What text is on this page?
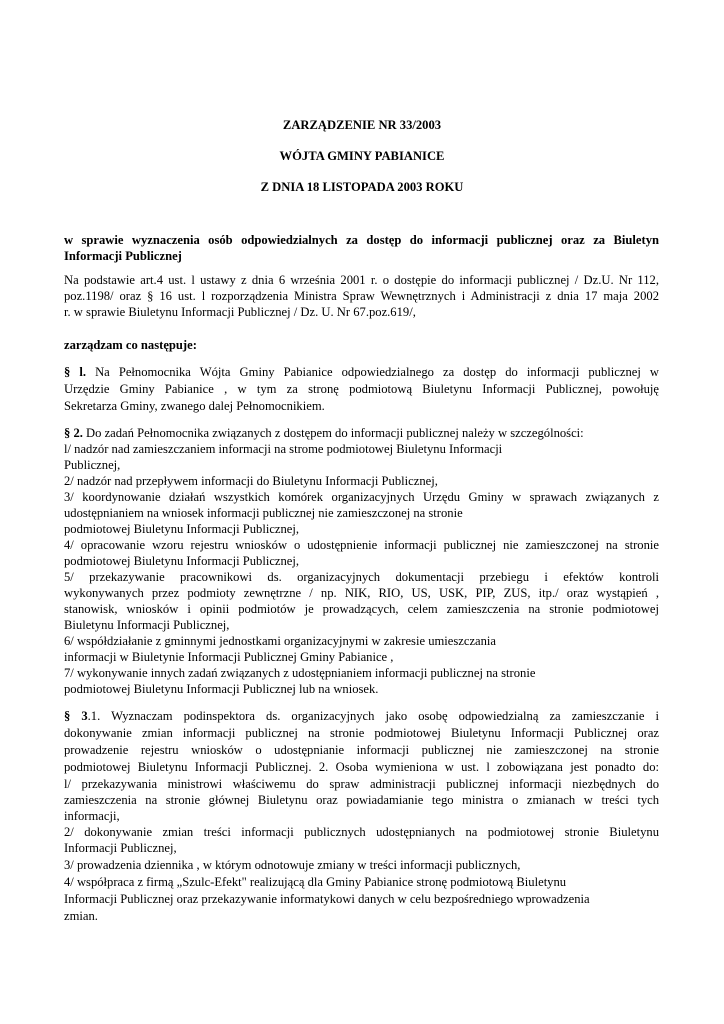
ZARZĄDZENIE NR 33/2003
WÓJTA GMINY PABIANICE
Z DNIA 18 LISTOPADA 2003 ROKU
w sprawie wyznaczenia osób odpowiedzialnych za dostęp do informacji publicznej oraz za Biuletyn
Informacji Publicznej
Na podstawie art.4 ust. l ustawy z dnia 6 września 2001 r. o dostępie do informacji publicznej / Dz.U. Nr 112,
poz.1198/ oraz § 16 ust. l rozporządzenia Ministra Spraw Wewnętrznych i Administracji z dnia 17 maja 2002
r. w sprawie Biuletynu Informacji Publicznej / Dz. U. Nr 67.poz.619/,
zarządzam co następuje:
§ l. Na Pełnomocnika Wójta Gminy Pabianice odpowiedzialnego za dostęp do informacji publicznej w
Urzędzie Gminy Pabianice , w tym za stronę podmiotową Biuletynu Informacji Publicznej, powołuję
Sekretarza Gminy, zwanego dalej Pełnomocnikiem.
§ 2. Do zadań Pełnomocnika związanych z dostępem do informacji publicznej należy w szczególności:
l/ nadzór nad zamieszczaniem informacji na strome podmiotowej Biuletynu Informacji
Publicznej,
2/ nadzór nad przepływem informacji do Biuletynu Informacji Publicznej,
3/ koordynowanie działań wszystkich komórek organizacyjnych Urzędu Gminy w sprawach związanych z
udostępnianiem na wniosek informacji publicznej nie zamieszczonej na stronie
podmiotowej Biuletynu Informacji Publicznej,
4/ opracowanie wzoru rejestru wniosków o udostępnienie informacji publicznej nie zamieszczonej na stronie
podmiotowej Biuletynu Informacji Publicznej,
5/ przekazywanie pracownikowi ds. organizacyjnych dokumentacji przebiegu i efektów kontroli
wykonywanych przez podmioty zewnętrzne / np. NIK, RIO, US, USK, PIP, ZUS, itp./ oraz wystąpień ,
stanowisk, wniosków i opinii podmiotów je prowadzących, celem zamieszczenia na stronie podmiotowej
Biuletynu Informacji Publicznej,
6/ współdziałanie z gminnymi jednostkami organizacyjnymi w zakresie umieszczania
informacji w Biuletynie Informacji Publicznej Gminy Pabianice ,
7/ wykonywanie innych zadań związanych z udostępnianiem informacji publicznej na stronie
podmiotowej Biuletynu Informacji Publicznej lub na wniosek.
§ 3.1. Wyznaczam podinspektora ds. organizacyjnych jako osobę odpowiedzialną za zamieszczanie i
dokonywanie zmian informacji publicznej na stronie podmiotowej Biuletynu Informacji Publicznej oraz
prowadzenie rejestru wniosków o udostępnianie informacji publicznej nie zamieszczonej na stronie
podmiotowej Biuletynu Informacji Publicznej. 2. Osoba wymieniona w ust. l zobowiązana jest ponadto do:
l/ przekazywania ministrowi właściwemu do spraw administracji publicznej informacji niezbędnych do
zamieszczenia na stronie głównej Biuletynu oraz powiadamianie tego ministra o zmianach w treści tych
informacji,
2/ dokonywanie zmian treści informacji publicznych udostępnianych na podmiotowej stronie Biuletynu
Informacji Publicznej,
3/ prowadzenia dziennika , w którym odnotowuje zmiany w treści informacji publicznych,
4/ współpraca z firmą „Szulc-Efekt" realizującą dla Gminy Pabianice stronę podmiotową Biuletynu
Informacji Publicznej oraz przekazywanie informatykowi danych w celu bezpośredniego wprowadzenia
zmian.
